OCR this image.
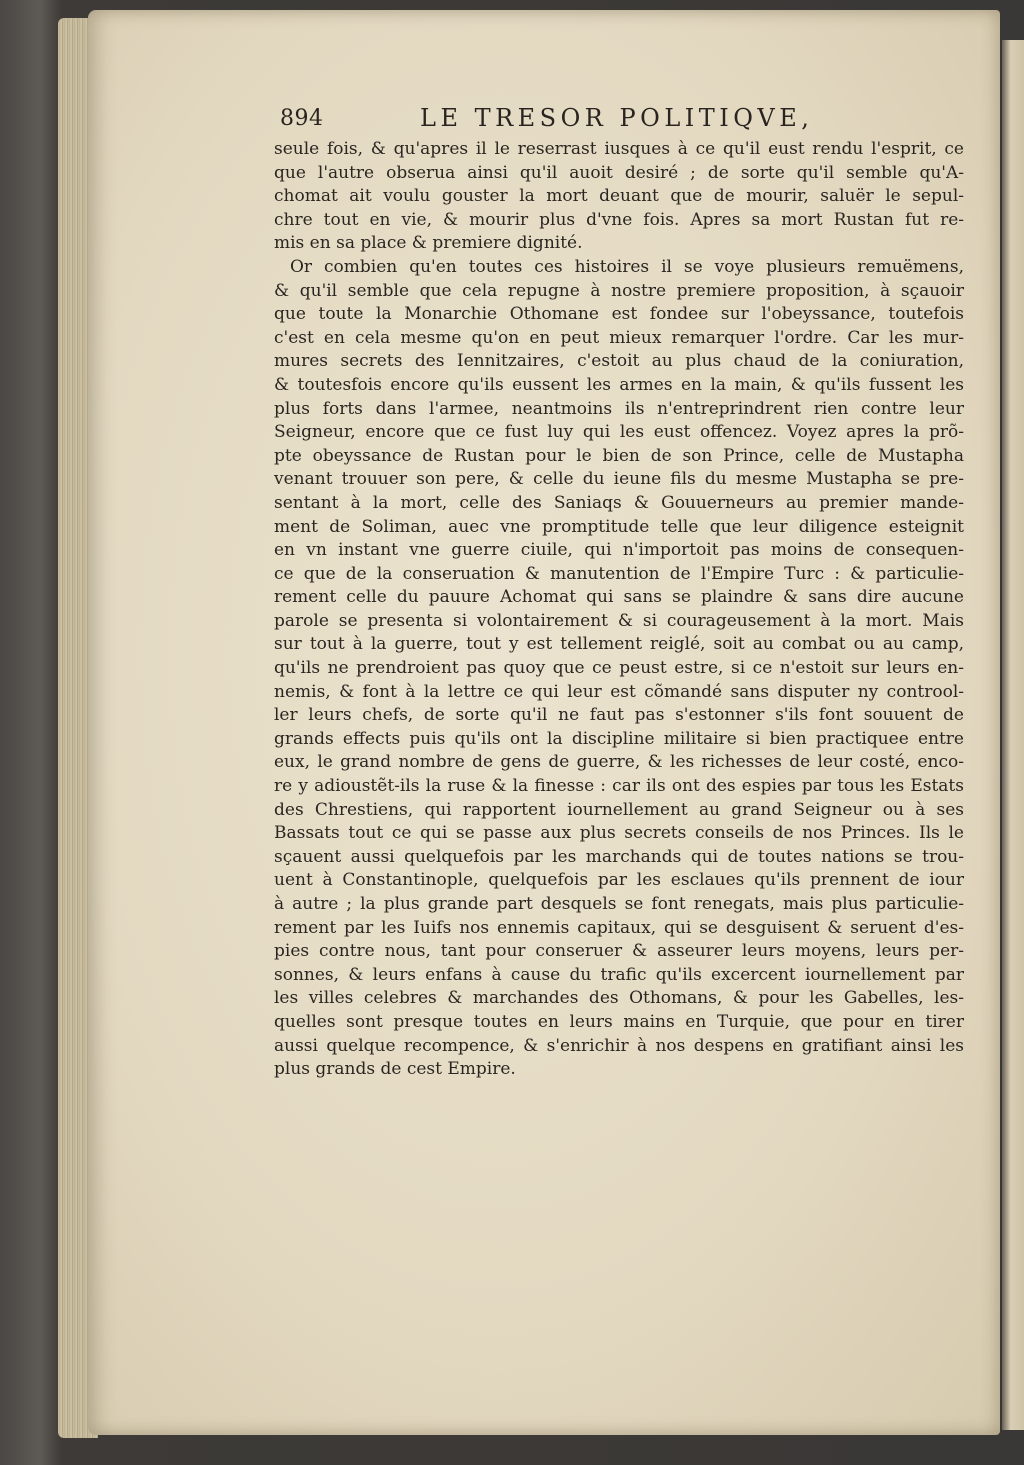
894	LE TRESOR POLITIQVE,
seule fois, & qu'apres il le reserrast iusques à ce qu'il eust rendu l'esprit, ce
que l'autre obserua ainsi qu'il auoit desiré ; de sorte qu'il semble qu'A-
chomat ait voulu gouster la mort deuant que de mourir, saluër le sepul-
chre tout en vie, & mourir plus d'vne fois. Apres sa mort Rustan fut re-
mis en sa place & premiere dignité.
Or combien qu'en toutes ces histoires il se voye plusieurs remuëmens,
& qu'il semble que cela repugne à nostre premiere proposition, à sçauoir
que toute la Monarchie Othomane est fondee sur l'obeyssance, toutefois
c'est en cela mesme qu'on en peut mieux remarquer l'ordre. Car les mur-
mures secrets des Iennitzaires, c'estoit au plus chaud de la coniuration,
& toutesfois encore qu'ils eussent les armes en la main, & qu'ils fussent les
plus forts dans l'armee, neantmoins ils n'entreprindrent rien contre leur
Seigneur, encore que ce fust luy qui les eust offencez. Voyez apres la prõ-
pte obeyssance de Rustan pour le bien de son Prince, celle de Mustapha
venant trouuer son pere, & celle du ieune fils du mesme Mustapha se pre-
sentant à la mort, celle des Saniaqs & Gouuerneurs au premier mande-
ment de Soliman, auec vne promptitude telle que leur diligence esteignit
en vn instant vne guerre ciuile, qui n'importoit pas moins de consequen-
ce que de la conseruation & manutention de l'Empire Turc : & particulie-
rement celle du pauure Achomat qui sans se plaindre & sans dire aucune
parole se presenta si volontairement & si courageusement à la mort. Mais
sur tout à la guerre, tout y est tellement reiglé, soit au combat ou au camp,
qu'ils ne prendroient pas quoy que ce peust estre, si ce n'estoit sur leurs en-
nemis, & font à la lettre ce qui leur est cõmandé sans disputer ny controol-
ler leurs chefs, de sorte qu'il ne faut pas s'estonner s'ils font souuent de
grands effects puis qu'ils ont la discipline militaire si bien practiquee entre
eux, le grand nombre de gens de guerre, & les richesses de leur costé, enco-
re y adioustẽt-ils la ruse & la finesse : car ils ont des espies par tous les Estats
des Chrestiens, qui rapportent iournellement au grand Seigneur ou à ses
Bassats tout ce qui se passe aux plus secrets conseils de nos Princes. Ils le
sçauent aussi quelquefois par les marchands qui de toutes nations se trou-
uent à Constantinople, quelquefois par les esclaues qu'ils prennent de iour
à autre ; la plus grande part desquels se font renegats, mais plus particulie-
rement par les Iuifs nos ennemis capitaux, qui se desguisent & seruent d'es-
pies contre nous, tant pour conseruer & asseurer leurs moyens, leurs per-
sonnes, & leurs enfans à cause du trafic qu'ils excercent iournellement par
les villes celebres & marchandes des Othomans, & pour les Gabelles, les-
quelles sont presque toutes en leurs mains en Turquie, que pour en tirer
aussi quelque recompence, & s'enrichir à nos despens en gratifiant ainsi les
plus grands de cest Empire.
